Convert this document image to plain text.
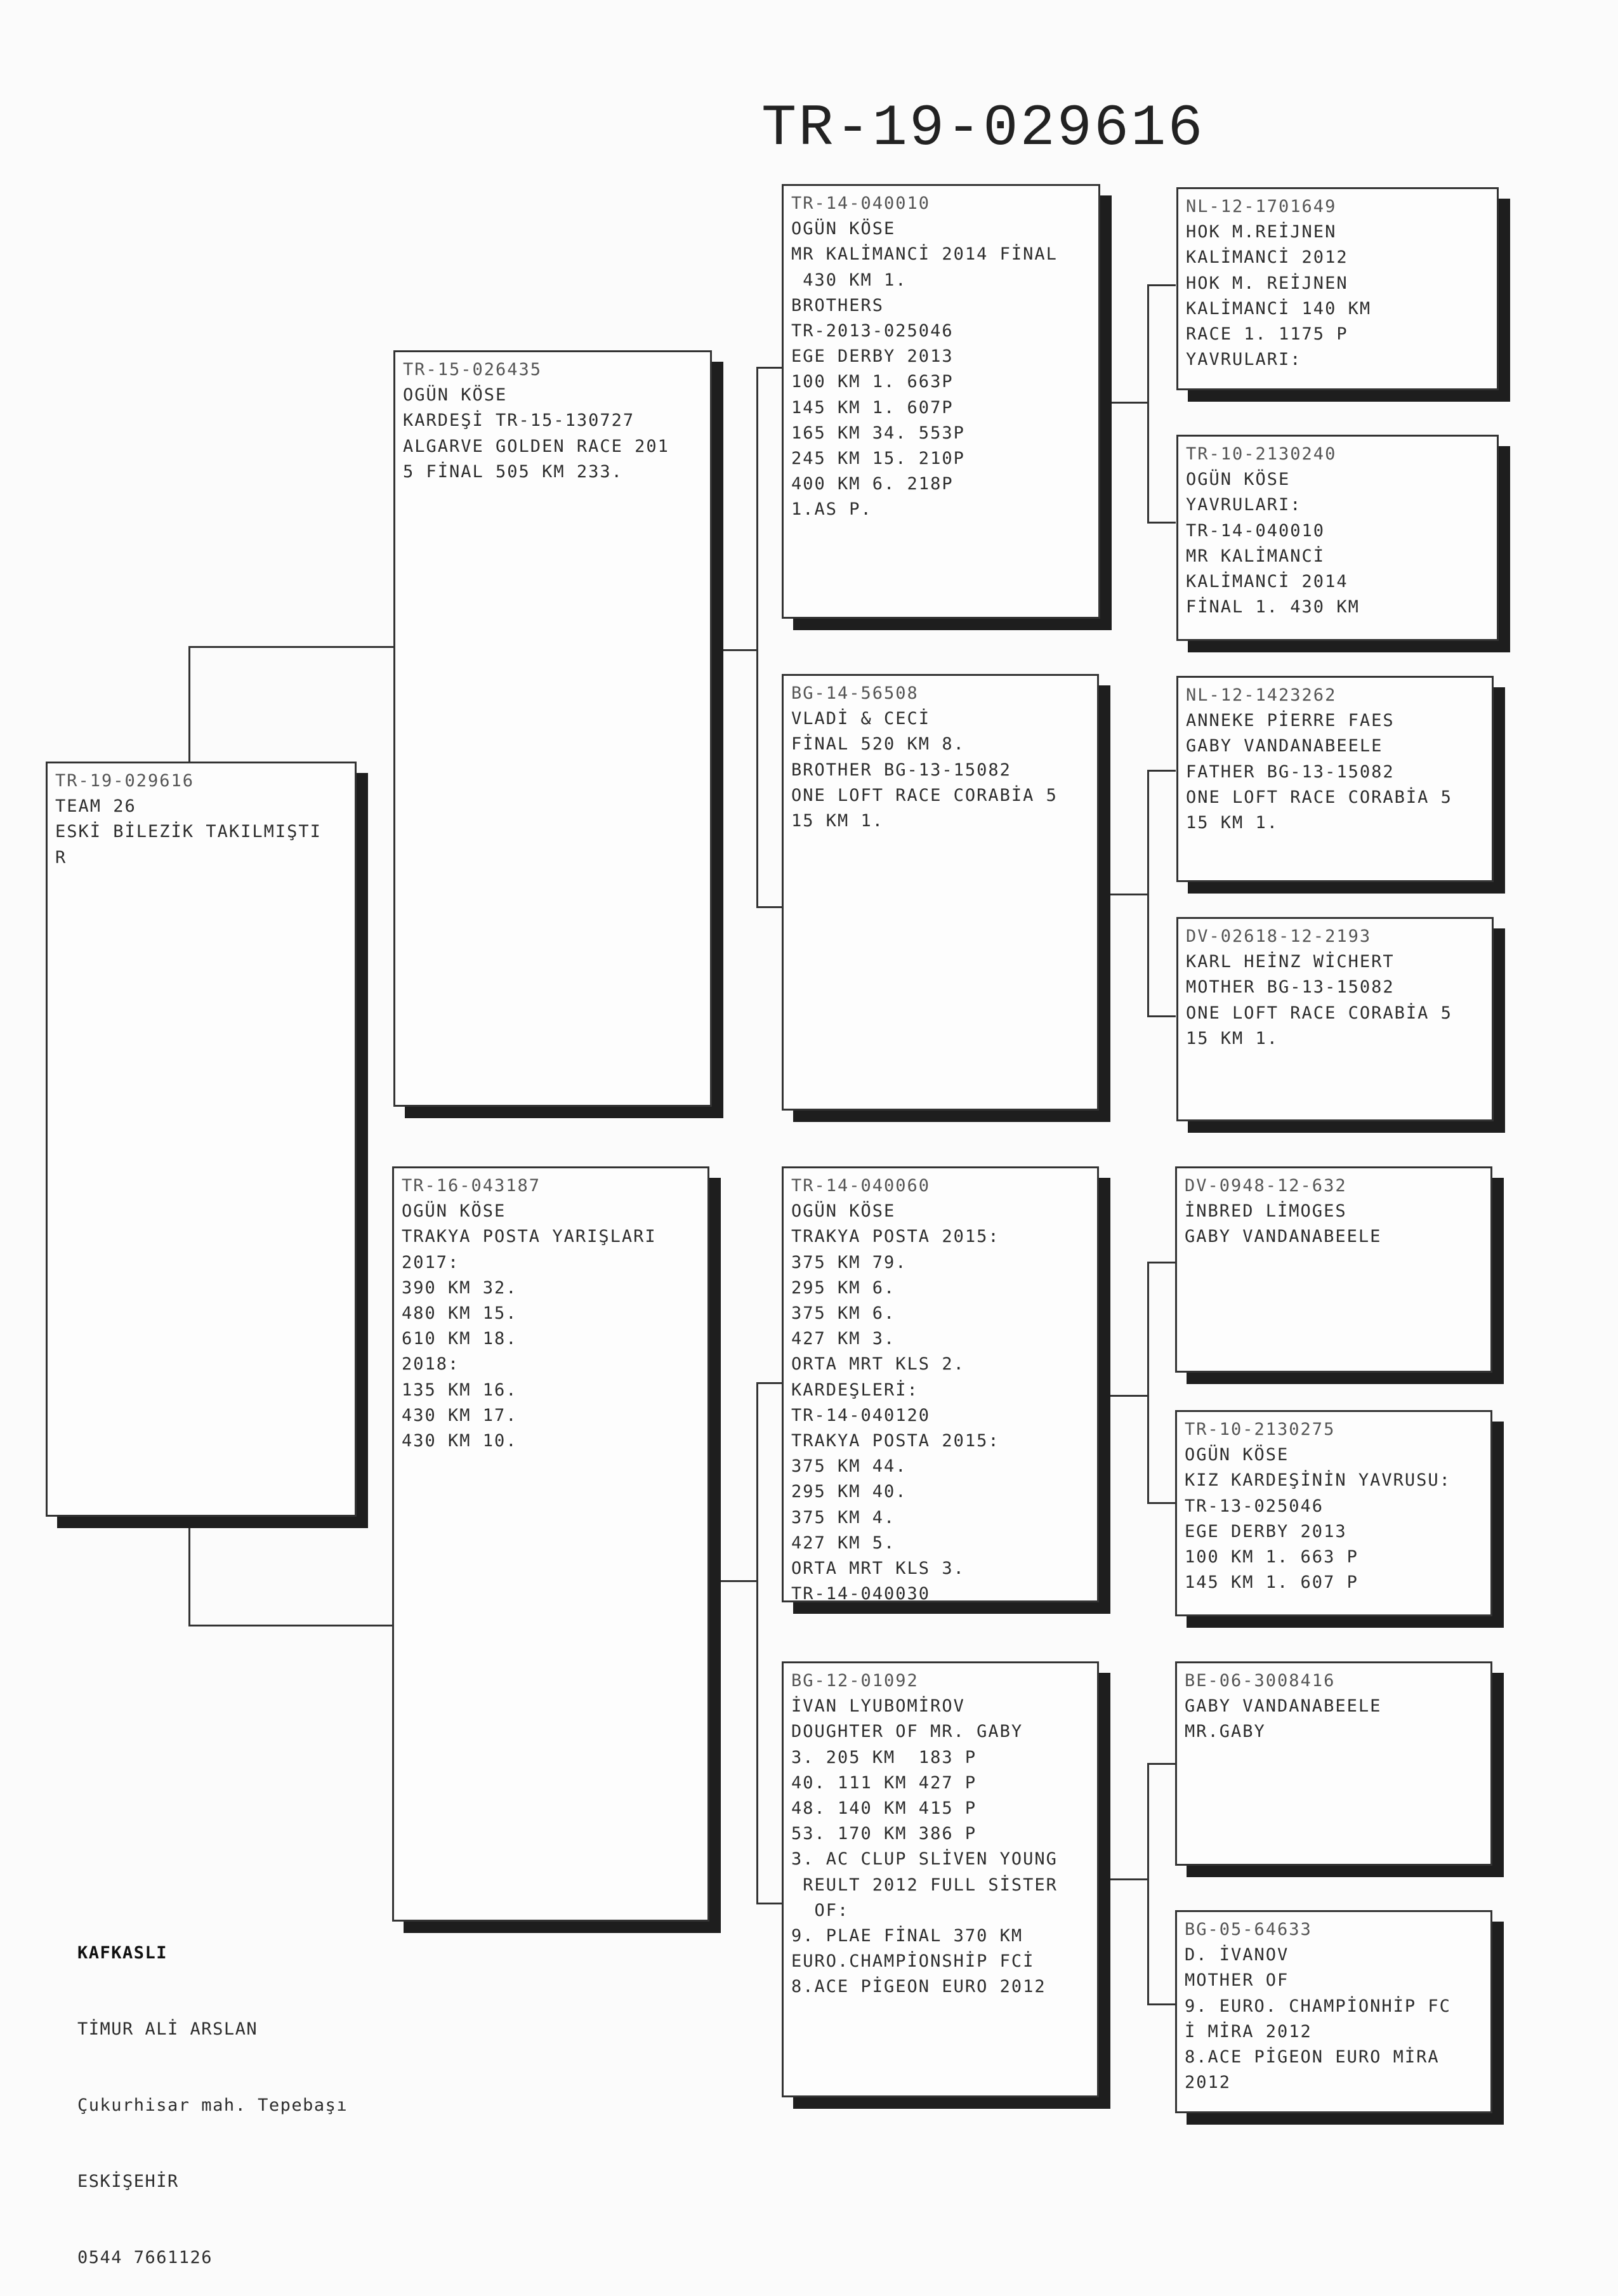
TR-19-029616
TR-19-029616
TEAM 26
ESKİ BİLEZİK TAKILMIŞTI
R
TR-15-026435
OGÜN KÖSE
KARDEŞİ TR-15-130727
ALGARVE GOLDEN RACE 201
5 FİNAL 505 KM 233.
TR-16-043187
OGÜN KÖSE
TRAKYA POSTA YARIŞLARI
2017:
390 KM 32.
480 KM 15.
610 KM 18.
2018:
135 KM 16.
430 KM 17.
430 KM 10.
TR-14-040010
OGÜN KÖSE
MR KALİMANCİ 2014 FİNAL
430 KM 1.
BROTHERS
TR-2013-025046
EGE DERBY 2013
100 KM 1. 663P
145 KM 1. 607P
165 KM 34. 553P
245 KM 15. 210P
400 KM 6. 218P
1.AS P.
BG-14-56508
VLADİ & CECİ
FİNAL 520 KM 8.
BROTHER BG-13-15082
ONE LOFT RACE CORABİA 5
15 KM 1.
TR-14-040060
OGÜN KÖSE
TRAKYA POSTA 2015:
375 KM 79.
295 KM 6.
375 KM 6.
427 KM 3.
ORTA MRT KLS 2.
KARDEŞLERİ:
TR-14-040120
TRAKYA POSTA 2015:
375 KM 44.
295 KM 40.
375 KM 4.
427 KM 5.
ORTA MRT KLS 3.
TR-14-040030
BG-12-01092
İVAN LYUBOMİROV
DOUGHTER OF MR. GABY
3. 205 KM  183 P
40. 111 KM 427 P
48. 140 KM 415 P
53. 170 KM 386 P
3. AC CLUP SLİVEN YOUNG
REULT 2012 FULL SİSTER
OF:
9. PLAE FİNAL 370 KM
EURO.CHAMPİONSHİP FCİ
8.ACE PİGEON EURO 2012
NL-12-1701649
HOK M.REİJNEN
KALİMANCİ 2012
HOK M. REİJNEN
KALİMANCİ 140 KM
RACE 1. 1175 P
YAVRULARI:
TR-10-2130240
OGÜN KÖSE
YAVRULARI:
TR-14-040010
MR KALİMANCİ
KALİMANCİ 2014
FİNAL 1. 430 KM
NL-12-1423262
ANNEKE PİERRE FAES
GABY VANDANABEELE
FATHER BG-13-15082
ONE LOFT RACE CORABİA 5
15 KM 1.
DV-02618-12-2193
KARL HEİNZ WİCHERT
MOTHER BG-13-15082
ONE LOFT RACE CORABİA 5
15 KM 1.
DV-0948-12-632
İNBRED LİMOGES
GABY VANDANABEELE
TR-10-2130275
OGÜN KÖSE
KIZ KARDEŞİNİN YAVRUSU:
TR-13-025046
EGE DERBY 2013
100 KM 1. 663 P
145 KM 1. 607 P
BE-06-3008416
GABY VANDANABEELE
MR.GABY
BG-05-64633
D. İVANOV
MOTHER OF
9. EURO. CHAMPİONHİP FC
İ MİRA 2012
8.ACE PİGEON EURO MİRA
2012

KAFKASLI

TİMUR ALİ ARSLAN

Çukurhisar mah. Tepebaşı

ESKİŞEHİR

0544 7661126
